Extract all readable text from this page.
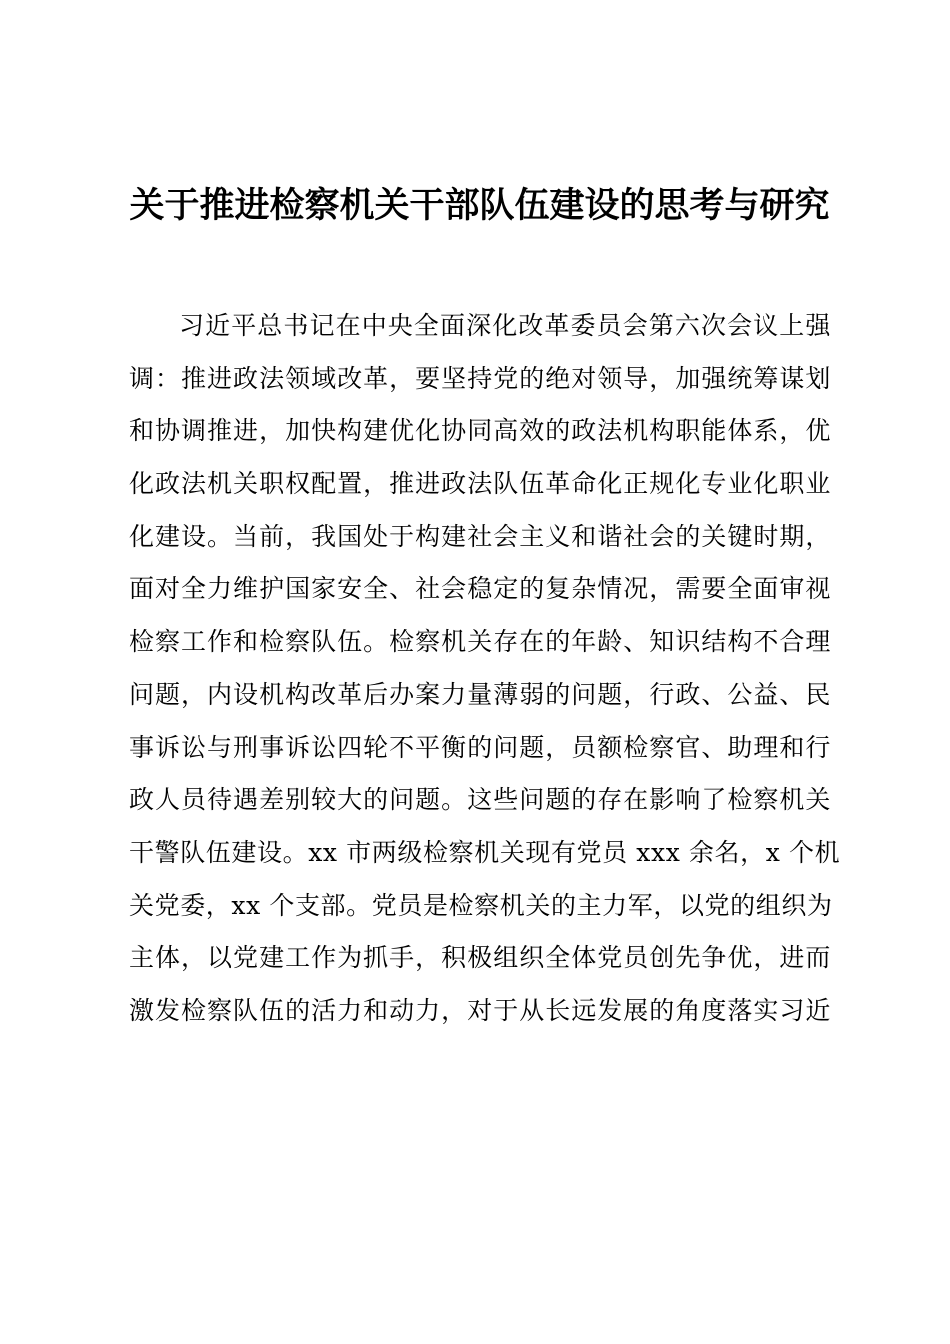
关于推进检察机关干部队伍建设的思考与研究
习近平总书记在中央全面深化改革委员会第六次会议上强
调：推进政法领域改革，要坚持党的绝对领导，加强统筹谋划
和协调推进，加快构建优化协同高效的政法机构职能体系，优
化政法机关职权配置，推进政法队伍革命化正规化专业化职业
化建设。当前，我国处于构建社会主义和谐社会的关键时期，
面对全力维护国家安全、社会稳定的复杂情况，需要全面审视
检察工作和检察队伍。检察机关存在的年龄、知识结构不合理
问题，内设机构改革后办案力量薄弱的问题，行政、公益、民
事诉讼与刑事诉讼四轮不平衡的问题，员额检察官、助理和行
政人员待遇差别较大的问题。这些问题的存在影响了检察机关
干警队伍建设。xx 市两级检察机关现有党员 xxx 余名，x 个机
关党委，xx 个支部。党员是检察机关的主力军，以党的组织为
主体，以党建工作为抓手，积极组织全体党员创先争优，进而
激发检察队伍的活力和动力，对于从长远发展的角度落实习近
